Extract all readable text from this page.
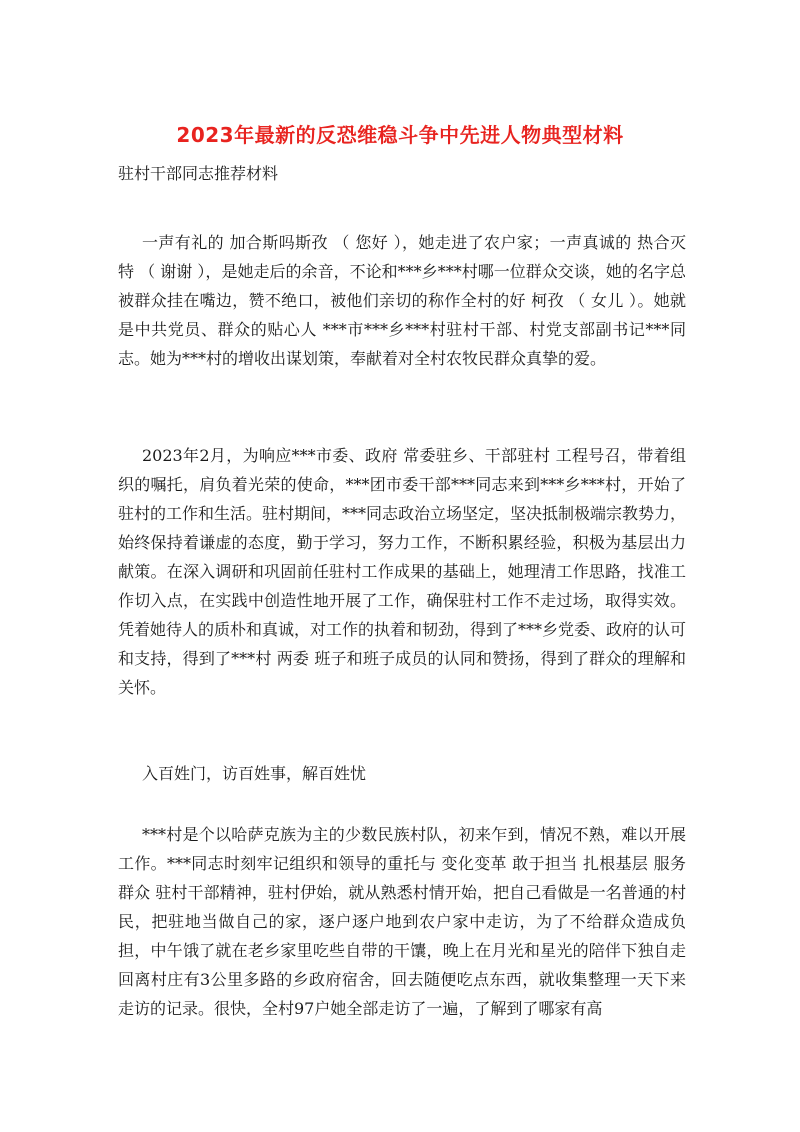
2023年最新的反恐维稳斗争中先进人物典型材料
驻村干部同志推荐材料

一声有礼的 加合斯吗斯孜 （ 您好 ），她走进了农户家；一声真诚的 热合灭特 （ 谢谢 ），是她走后的余音，不论和***乡***村哪一位群众交谈，她的名字总被群众挂在嘴边，赞不绝口，被他们亲切的称作全村的好 柯孜 （ 女儿 ）。她就是中共党员、群众的贴心人 ***市***乡***村驻村干部、村党支部副书记***同志。她为***村的增收出谋划策，奉献着对全村农牧民群众真挚的爱。

2023年2月，为响应***市委、政府 常委驻乡、干部驻村 工程号召，带着组织的嘱托，肩负着光荣的使命，***团市委干部***同志来到***乡***村，开始了驻村的工作和生活。驻村期间，***同志政治立场坚定，坚决抵制极端宗教势力，始终保持着谦虚的态度，勤于学习，努力工作，不断积累经验，积极为基层出力献策。在深入调研和巩固前任驻村工作成果的基础上，她理清工作思路，找准工作切入点，在实践中创造性地开展了工作，确保驻村工作不走过场，取得实效。凭着她待人的质朴和真诚，对工作的执着和韧劲，得到了***乡党委、政府的认可和支持，得到了***村 两委 班子和班子成员的认同和赞扬，得到了群众的理解和关怀。

入百姓门，访百姓事，解百姓忧

***村是个以哈萨克族为主的少数民族村队，初来乍到，情况不熟，难以开展工作。***同志时刻牢记组织和领导的重托与 变化变革 敢于担当 扎根基层 服务群众 驻村干部精神，驻村伊始，就从熟悉村情开始，把自己看做是一名普通的村民，把驻地当做自己的家，逐户逐户地到农户家中走访，为了不给群众造成负担，中午饿了就在老乡家里吃些自带的干馕，晚上在月光和星光的陪伴下独自走回离村庄有3公里多路的乡政府宿舍，回去随便吃点东西，就收集整理一天下来走访的记录。很快，全村97户她全部走访了一遍，了解到了哪家有高
